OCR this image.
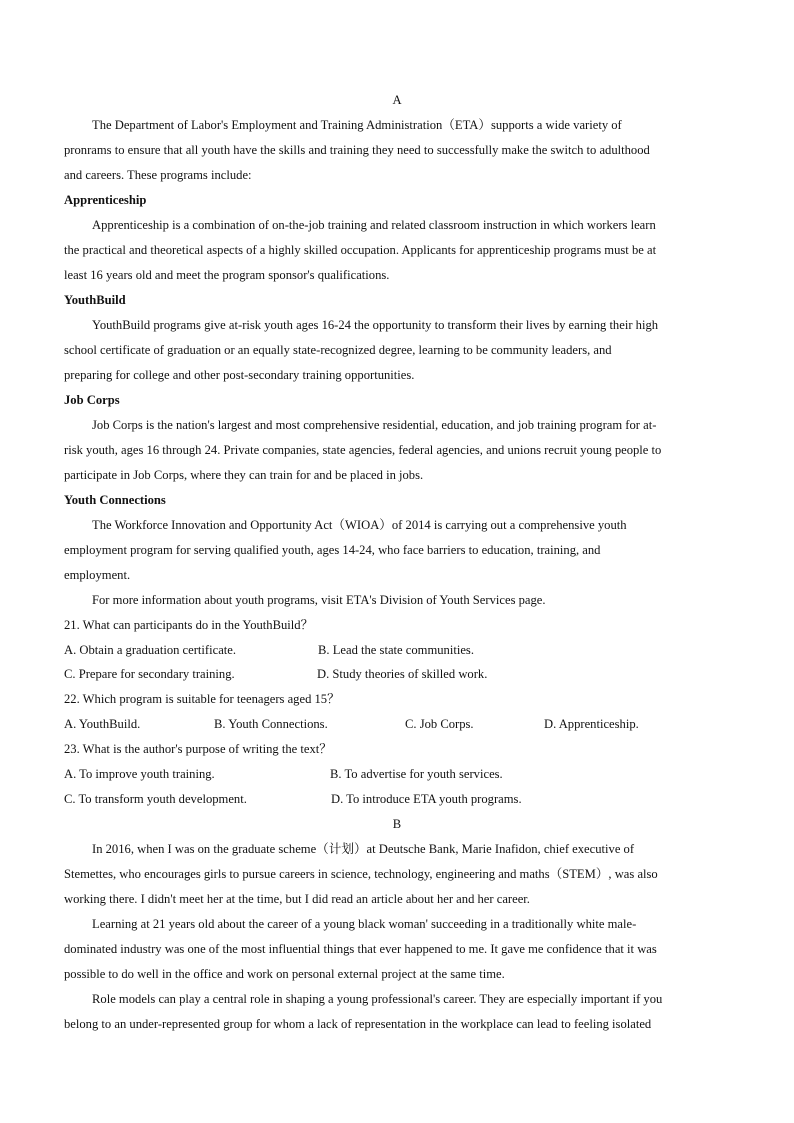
A
The Department of Labor's Employment and Training Administration（ETA）supports a wide variety of
pronrams to ensure that all youth have the skills and training they need to successfully make the switch to adulthood
and careers. These programs include:
Apprenticeship
Apprenticeship is a combination of on-the-job training and related classroom instruction in which workers learn
the practical and theoretical aspects of a highly skilled occupation. Applicants for apprenticeship programs must be at
least 16 years old and meet the program sponsor's qualifications.
YouthBuild
YouthBuild programs give at-risk youth ages 16-24 the opportunity to transform their lives by earning their high
school certificate of graduation or an equally state-recognized degree, learning to be community leaders, and
preparing for college and other post-secondary training opportunities.
Job Corps
Job Corps is the nation's largest and most comprehensive residential, education, and job training program for at-
risk youth, ages 16 through 24. Private companies, state agencies, federal agencies, and unions recruit young people to
participate in Job Corps, where they can train for and be placed in jobs.
Youth Connections
The Workforce Innovation and Opportunity Act（WIOA）of 2014 is carrying out a comprehensive youth
employment program for serving qualified youth, ages 14-24, who face barriers to education, training, and
employment.
For more information about youth programs, visit ETA's Division of Youth Services page.
21. What can participants do in the YouthBuild？
A. Obtain a graduation certificate.	B. Lead the state communities.
C. Prepare for secondary training.	D. Study theories of skilled work.
22. Which program is suitable for teenagers aged 15？
A. YouthBuild.	B. Youth Connections.	C. Job Corps.	D. Apprenticeship.
23. What is the author's purpose of writing the text？
A. To improve youth training.	B. To advertise for youth services.
C. To transform youth development.	D. To introduce ETA youth programs.
B
In 2016, when I was on the graduate scheme（计划）at Deutsche Bank, Marie Inafidon, chief executive of
Stemettes, who encourages girls to pursue careers in science, technology, engineering and maths（STEM）, was also
working there. I didn't meet her at the time, but I did read an article about her and her career.
Learning at 21 years old about the career of a young black woman' succeeding in a traditionally white male-
dominated industry was one of the most influential things that ever happened to me. It gave me confidence that it was
possible to do well in the office and work on personal external project at the same time.
Role models can play a central role in shaping a young professional's career. They are especially important if you
belong to an under-represented group for whom a lack of representation in the workplace can lead to feeling isolated
